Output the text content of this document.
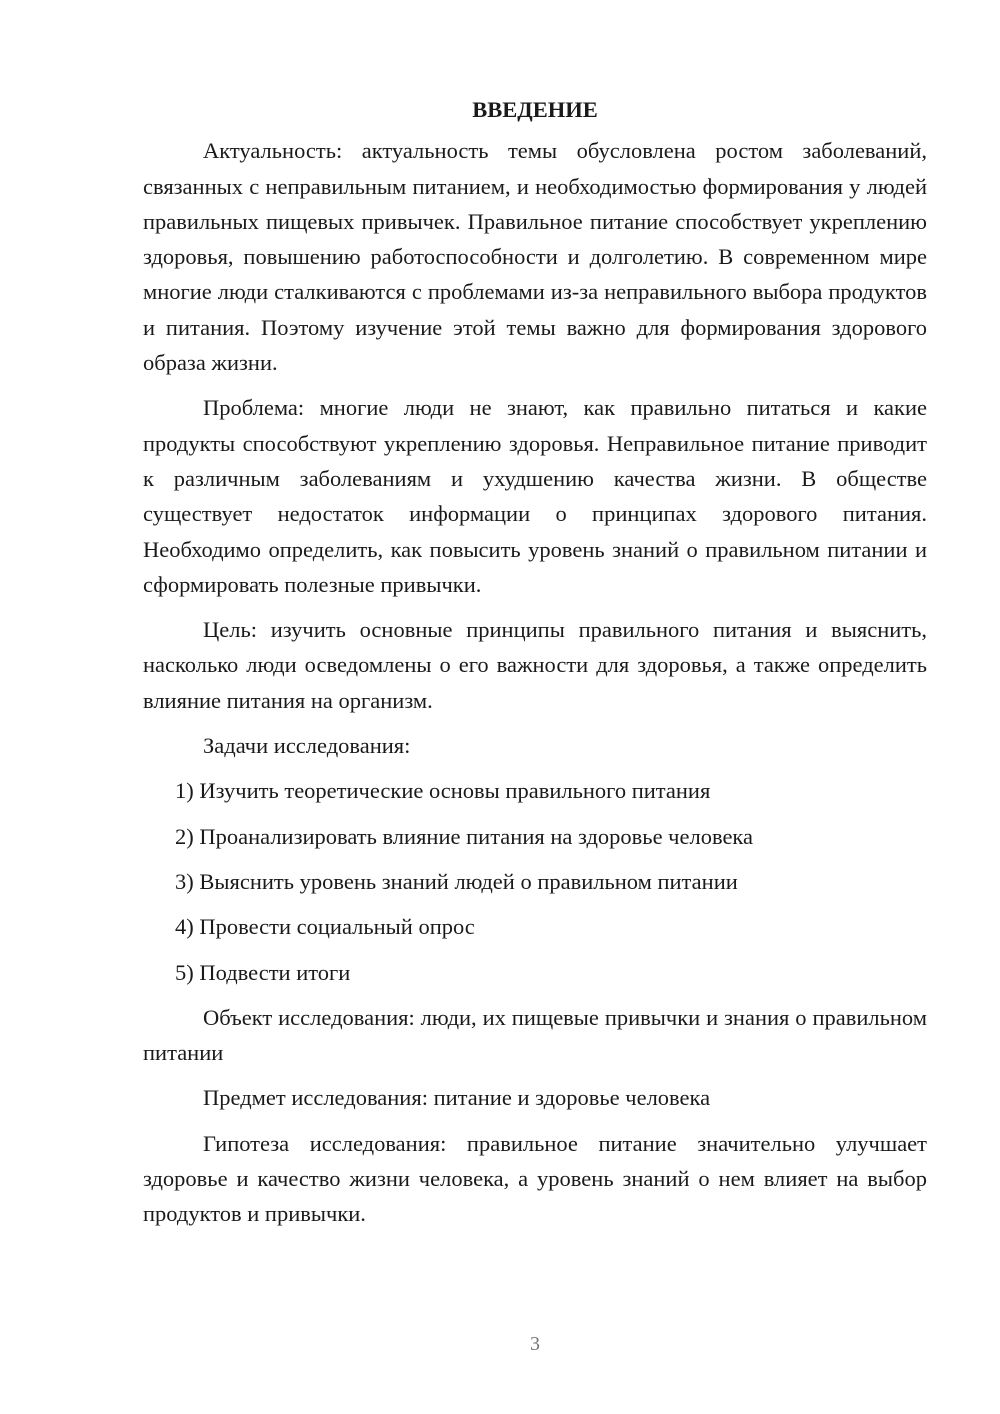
ВВЕДЕНИЕ

Актуальность: актуальность темы обусловлена ростом заболеваний, связанных с неправильным питанием, и необходимостью формирования у людей правильных пищевых привычек. Правильное питание способствует укреплению здоровья, повышению работоспособности и долголетию. В современном мире многие люди сталкиваются с проблемами из-за неправильного выбора продуктов и питания. Поэтому изучение этой темы важно для формирования здорового образа жизни.

Проблема: многие люди не знают, как правильно питаться и какие продукты способствуют укреплению здоровья. Неправильное питание приводит к различным заболеваниям и ухудшению качества жизни. В обществе существует недостаток информации о принципах здорового питания. Необходимо определить, как повысить уровень знаний о правильном питании и сформировать полезные привычки.

Цель: изучить основные принципы правильного питания и выяснить, насколько люди осведомлены о его важности для здоровья, а также определить влияние питания на организм.

Задачи исследования:

1) Изучить теоретические основы правильного питания
2) Проанализировать влияние питания на здоровье человека
3) Выяснить уровень знаний людей о правильном питании
4) Провести социальный опрос
5) Подвести итоги

Объект исследования: люди, их пищевые привычки и знания о правильном питании

Предмет исследования: питание и здоровье человека

Гипотеза исследования: правильное питание значительно улучшает здоровье и качество жизни человека, а уровень знаний о нем влияет на выбор продуктов и привычки.

3
